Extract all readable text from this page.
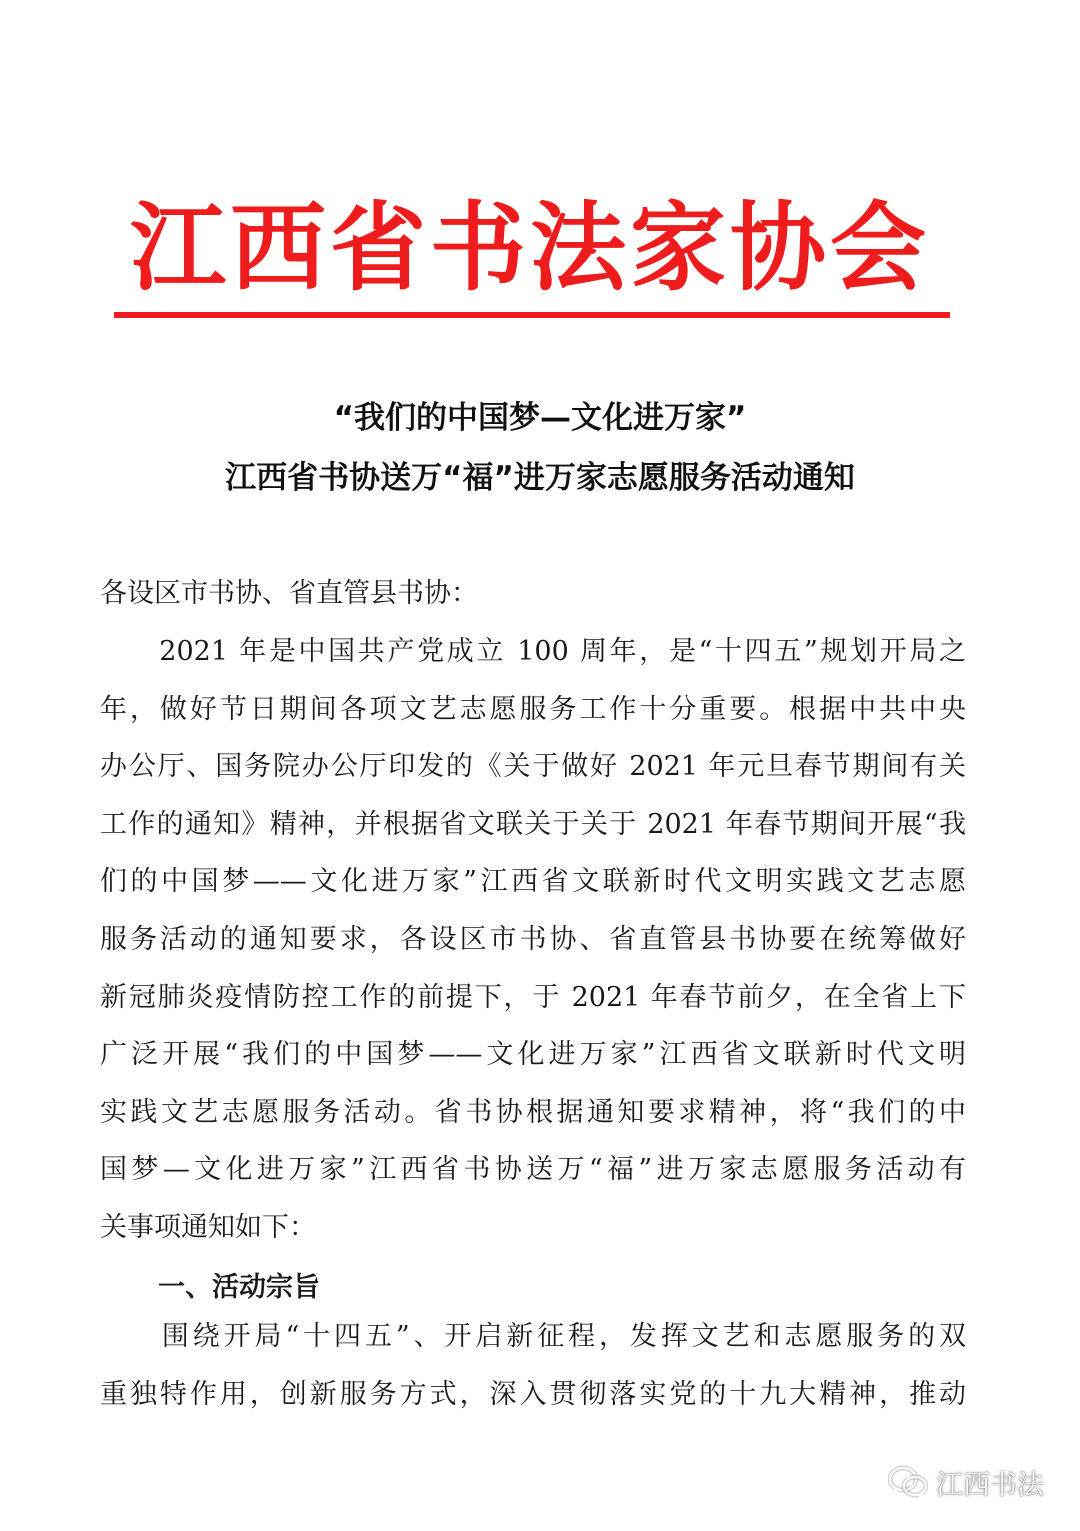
江西省书法家协会
“我们的中国梦—文化进万家”
江西省书协送万“福”进万家志愿服务活动通知
各设区市书协、省直管县书协：
　　2021 年是中国共产党成立 100 周年，是“十四五”规划开局之
年，做好节日期间各项文艺志愿服务工作十分重要。根据中共中央
办公厅、国务院办公厅印发的《关于做好 2021 年元旦春节期间有关
工作的通知》精神，并根据省文联关于关于 2021 年春节期间开展“我
们的中国梦——文化进万家”江西省文联新时代文明实践文艺志愿
服务活动的通知要求，各设区市书协、省直管县书协要在统筹做好
新冠肺炎疫情防控工作的前提下，于 2021 年春节前夕，在全省上下
广泛开展“我们的中国梦——文化进万家”江西省文联新时代文明
实践文艺志愿服务活动。省书协根据通知要求精神，将“我们的中
国梦—文化进万家”江西省书协送万“福”进万家志愿服务活动有
关事项通知如下：
一、活动宗旨
　　围绕开局“十四五”、开启新征程，发挥文艺和志愿服务的双
重独特作用，创新服务方式，深入贯彻落实党的十九大精神，推动
江西书法
